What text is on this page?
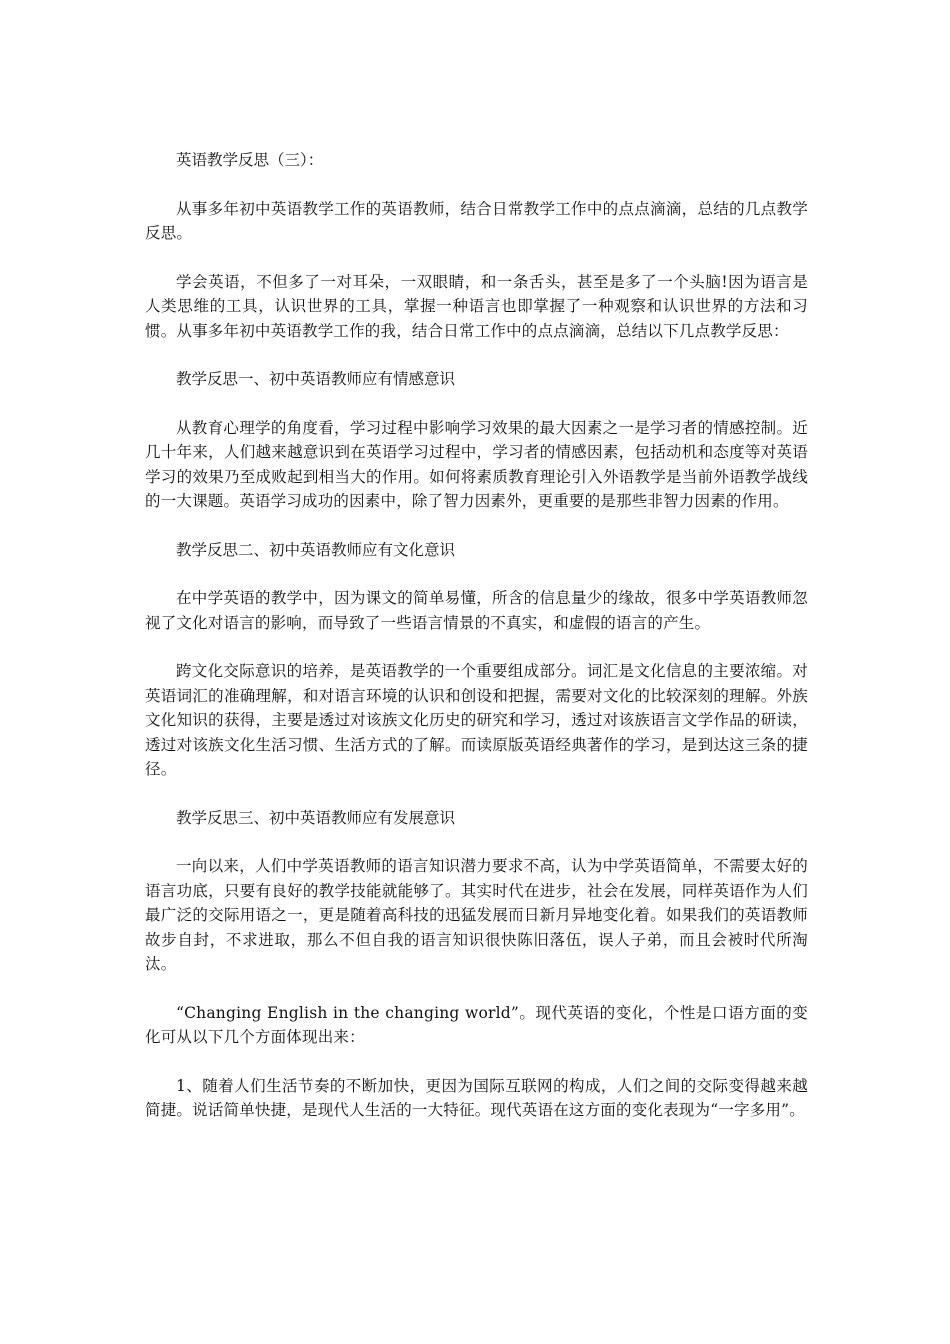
英语教学反思（三）：

从事多年初中英语教学工作的英语教师，结合日常教学工作中的点点滴滴，总结的几点教学反思。

学会英语，不但多了一对耳朵，一双眼睛，和一条舌头，甚至是多了一个头脑!因为语言是人类思维的工具，认识世界的工具，掌握一种语言也即掌握了一种观察和认识世界的方法和习惯。从事多年初中英语教学工作的我，结合日常工作中的点点滴滴，总结以下几点教学反思：

教学反思一、初中英语教师应有情感意识

从教育心理学的角度看，学习过程中影响学习效果的最大因素之一是学习者的情感控制。近几十年来，人们越来越意识到在英语学习过程中，学习者的情感因素，包括动机和态度等对英语学习的效果乃至成败起到相当大的作用。如何将素质教育理论引入外语教学是当前外语教学战线的一大课题。英语学习成功的因素中，除了智力因素外，更重要的是那些非智力因素的作用。

教学反思二、初中英语教师应有文化意识

在中学英语的教学中，因为课文的简单易懂，所含的信息量少的缘故，很多中学英语教师忽视了文化对语言的影响，而导致了一些语言情景的不真实，和虚假的语言的产生。

跨文化交际意识的培养，是英语教学的一个重要组成部分。词汇是文化信息的主要浓缩。对英语词汇的准确理解，和对语言环境的认识和创设和把握，需要对文化的比较深刻的理解。外族文化知识的获得，主要是透过对该族文化历史的研究和学习，透过对该族语言文学作品的研读，透过对该族文化生活习惯、生活方式的了解。而读原版英语经典著作的学习，是到达这三条的捷径。

教学反思三、初中英语教师应有发展意识

一向以来，人们中学英语教师的语言知识潜力要求不高，认为中学英语简单，不需要太好的语言功底，只要有良好的教学技能就能够了。其实时代在进步，社会在发展，同样英语作为人们最广泛的交际用语之一，更是随着高科技的迅猛发展而日新月异地变化着。如果我们的英语教师故步自封，不求进取，那么不但自我的语言知识很快陈旧落伍，误人子弟，而且会被时代所淘汰。

“Changing English in the changing world”。现代英语的变化，个性是口语方面的变化可从以下几个方面体现出来：

1、随着人们生活节奏的不断加快，更因为国际互联网的构成，人们之间的交际变得越来越简捷。说话简单快捷，是现代人生活的一大特征。现代英语在这方面的变化表现为“一字多用”。
